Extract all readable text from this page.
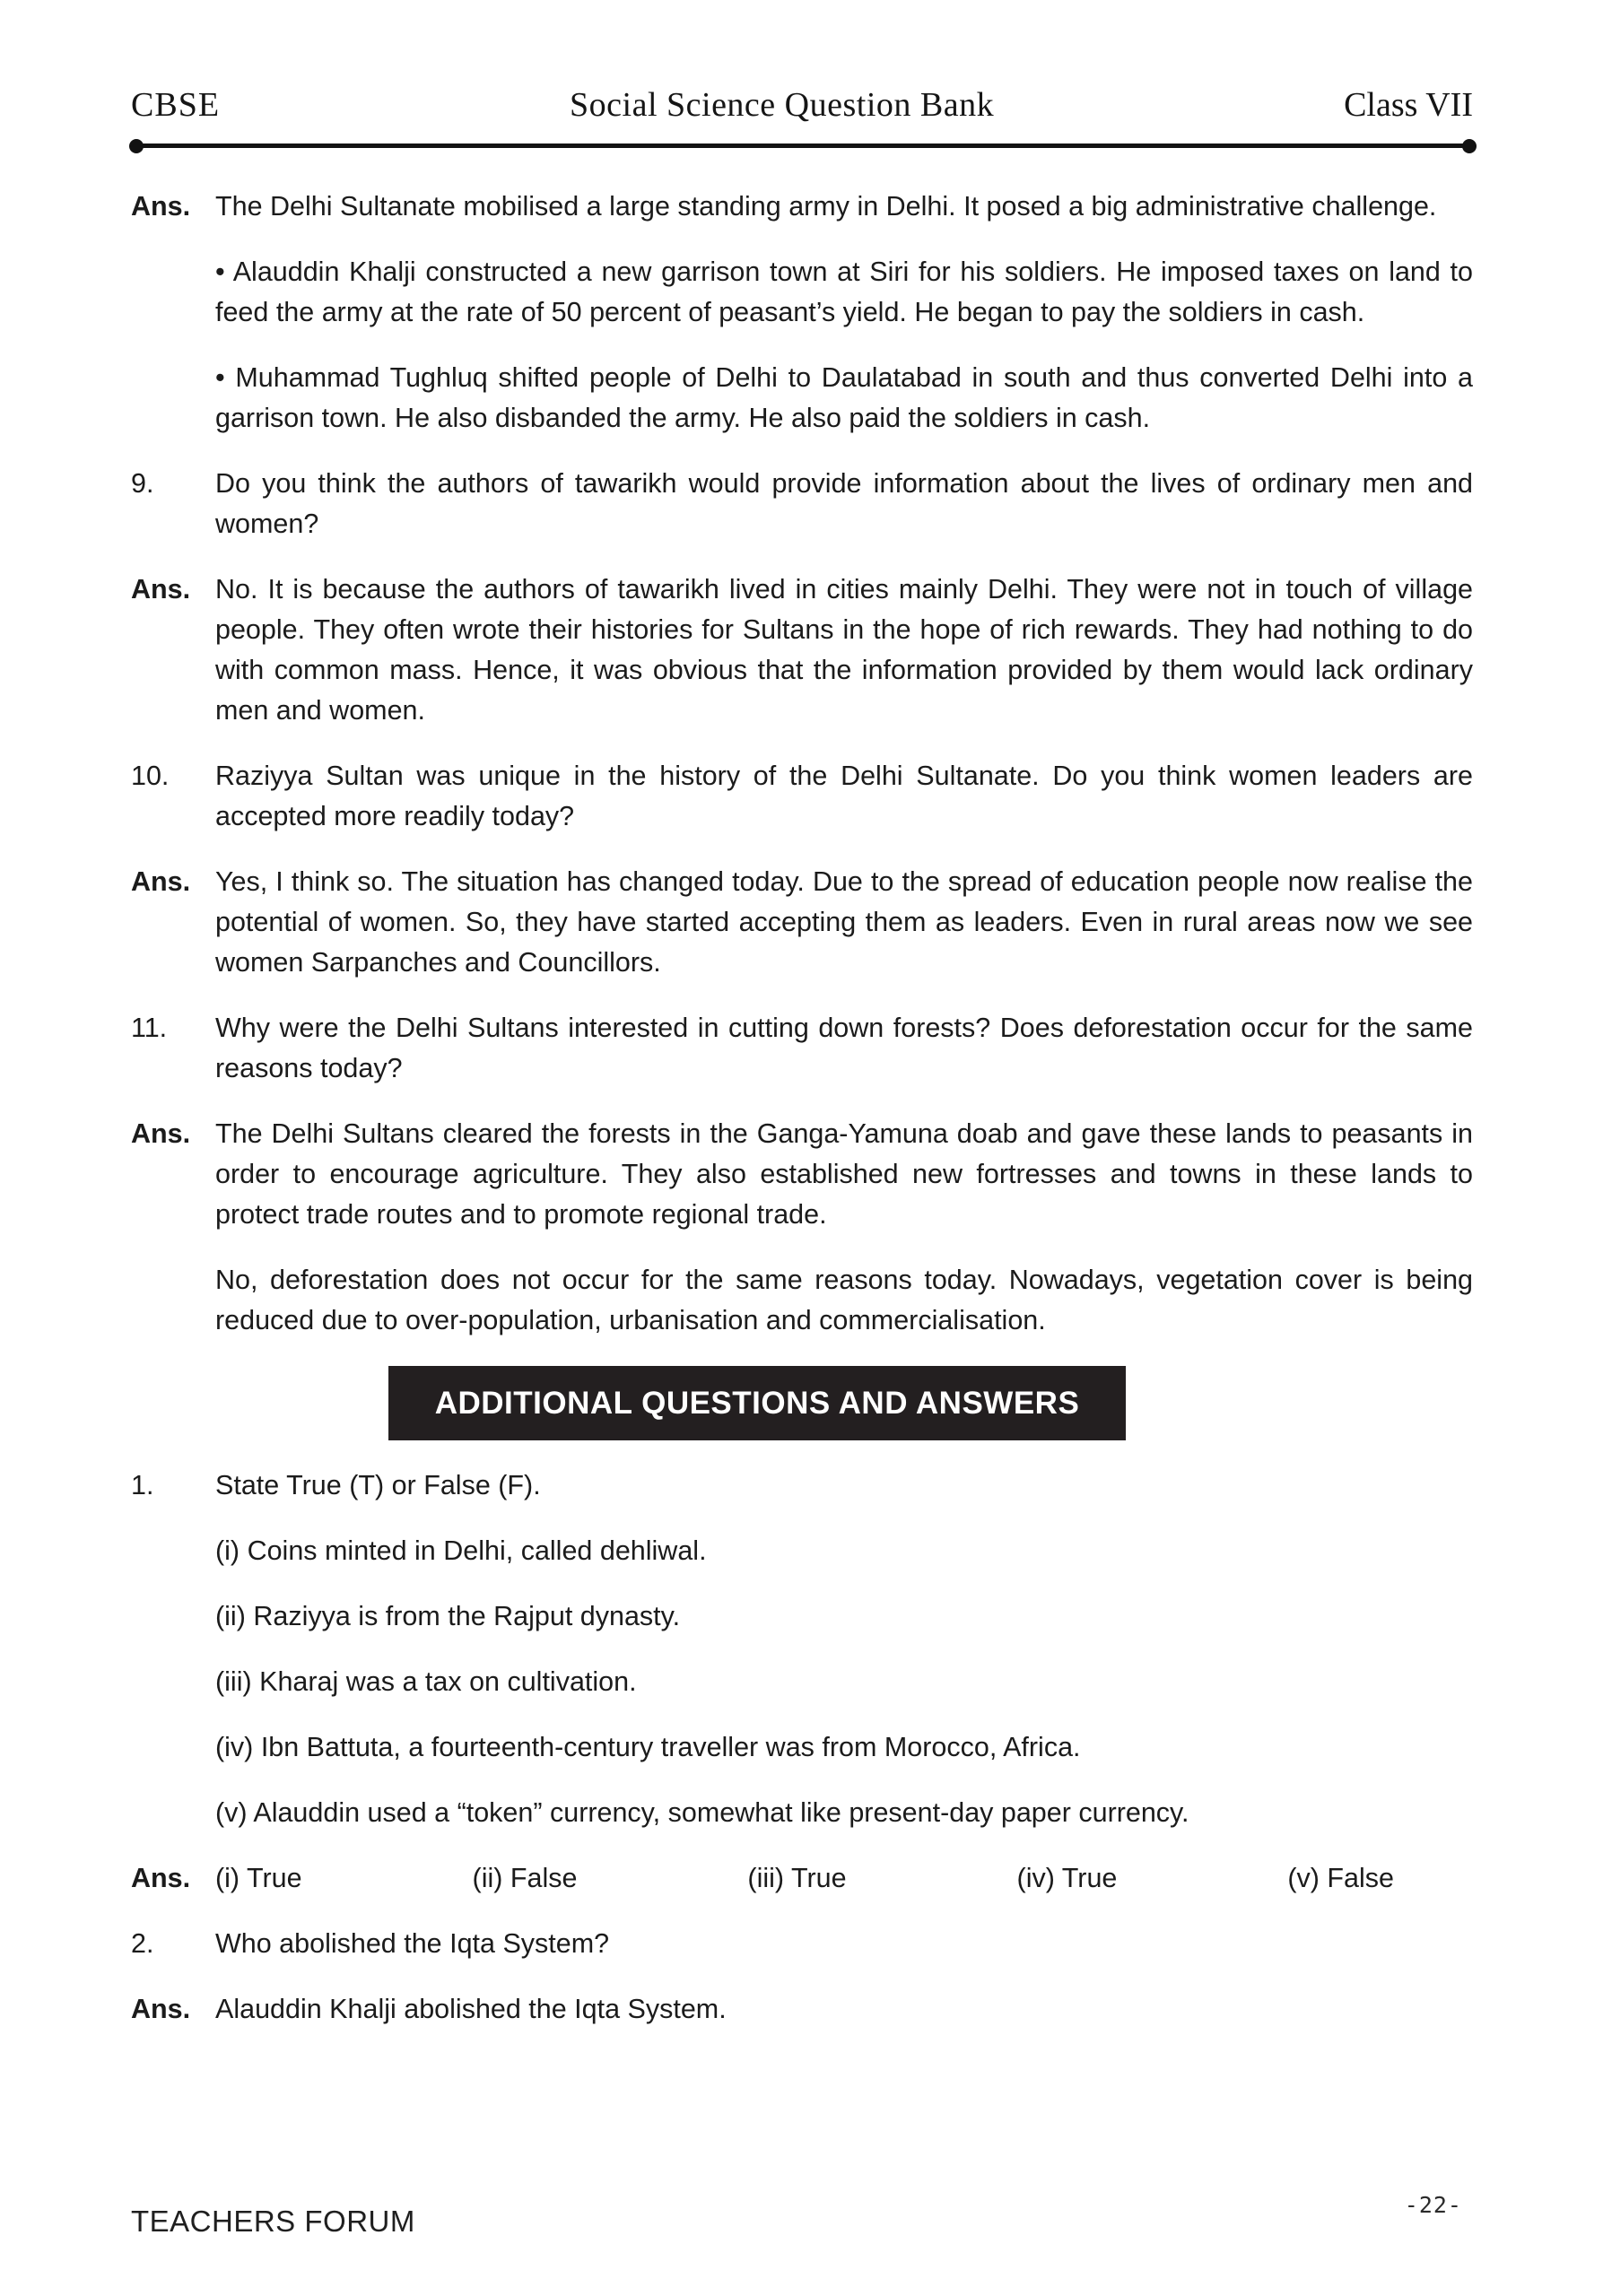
CBSE	Social Science Question Bank	Class VII
Ans. The Delhi Sultanate mobilised a large standing army in Delhi. It posed a big administrative challenge.
• Alauddin Khalji constructed a new garrison town at Siri for his soldiers. He imposed taxes on land to feed the army at the rate of 50 percent of peasant’s yield. He began to pay the soldiers in cash.
• Muhammad Tughluq shifted people of Delhi to Daulatabad in south and thus converted Delhi into a garrison town. He also disbanded the army. He also paid the soldiers in cash.
9.	Do you think the authors of tawarikh would provide information about the lives of ordinary men and women?
Ans. No. It is because the authors of tawarikh lived in cities mainly Delhi. They were not in touch of village people. They often wrote their histories for Sultans in the hope of rich rewards. They had nothing to do with common mass. Hence, it was obvious that the information provided by them would lack ordinary men and women.
10.	Raziyya Sultan was unique in the history of the Delhi Sultanate. Do you think women leaders are accepted more readily today?
Ans. Yes, I think so. The situation has changed today. Due to the spread of education people now realise the potential of women. So, they have started accepting them as leaders. Even in rural areas now we see women Sarpanches and Councillors.
11.	Why were the Delhi Sultans interested in cutting down forests? Does deforestation occur for the same reasons today?
Ans. The Delhi Sultans cleared the forests in the Ganga-Yamuna doab and gave these lands to peasants in order to encourage agriculture. They also established new fortresses and towns in these lands to protect trade routes and to promote regional trade.
No, deforestation does not occur for the same reasons today. Nowadays, vegetation cover is being reduced due to over-population, urbanisation and commercialisation.
ADDITIONAL QUESTIONS AND ANSWERS
1.	State True (T) or False (F).
(i) Coins minted in Delhi, called dehliwal.
(ii) Raziyya is from the Rajput dynasty.
(iii) Kharaj was a tax on cultivation.
(iv) Ibn Battuta, a fourteenth-century traveller was from Morocco, Africa.
(v) Alauddin used a “token” currency, somewhat like present-day paper currency.
Ans. (i) True	(ii) False	(iii) True	(iv) True	(v) False
2.	Who abolished the Iqta System?
Ans. Alauddin Khalji abolished the Iqta System.
TEACHERS FORUM	-22-
